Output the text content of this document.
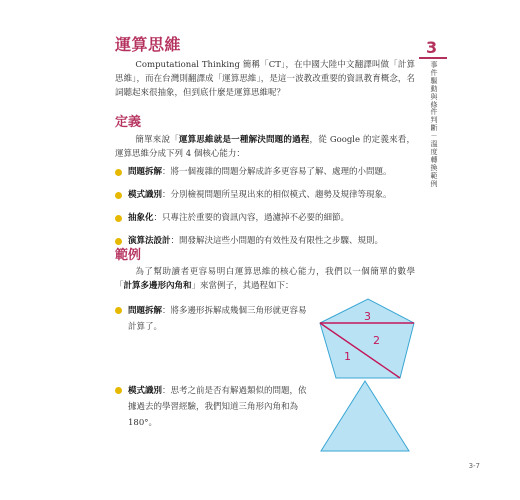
運算思維

Computational Thinking 簡稱「CT」，在中國大陸中文翻譯叫做「計算思維」，而在台灣則翻譯成「運算思維」，是這一波教改重要的資訊教育概念，名詞聽起來很抽象，但到底什麼是運算思維呢？

定義

簡單來說「運算思維就是一種解決問題的過程，從 Google 的定義來看，運算思維分成下列 4 個核心能力：

問題拆解：將一個複雜的問題分解成許多更容易了解、處理的小問題。
模式識別：分別檢視問題所呈現出來的相似模式、趨勢及規律等現象。
抽象化：只專注於重要的資訊內容，過濾掉不必要的細節。
演算法設計：開發解決這些小問題的有效性及有限性之步驟、規則。
範例

為了幫助讀者更容易明白運算思維的核心能力，我們以一個簡單的數學「計算多邊形內角和」來當例子，其過程如下：

問題拆解：將多邊形拆解成幾個三角形就更容易計算了。
模式識別：思考之前是否有解過類似的問題，依據過去的學習經驗，我們知道三角形內角和為 180°。
3
2
1
3
事件驅動與條件判斷－溫度轉換範例
3-7
